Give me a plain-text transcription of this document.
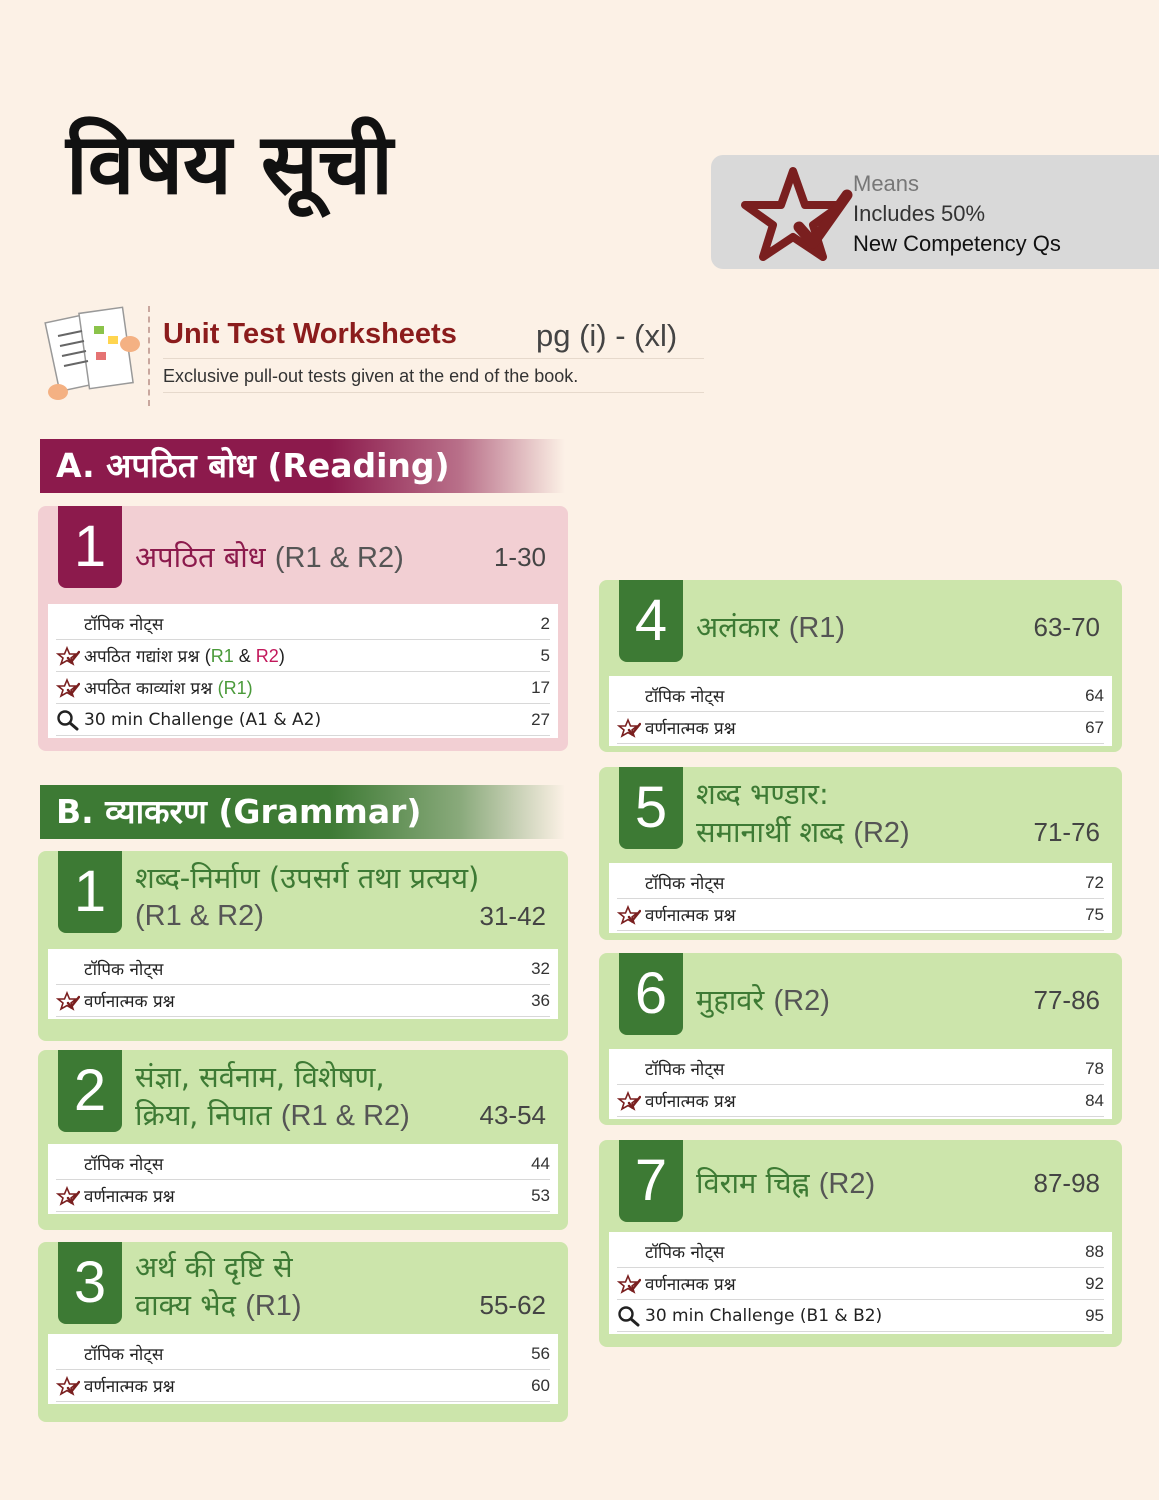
विषय सूची	Means
Includes 50%
New Competency Qs
Unit Test Worksheets	pg (i) - (xl)
Exclusive pull-out tests given at the end of the book.
A. अपठित बोध (Reading)
1 अपठित बोध (R1 & R2)	1-30
टॉपिक नोट्स	2
अपठित गद्यांश प्रश्न (R1 & R2)	5
अपठित काव्यांश प्रश्न (R1)	17
30 min Challenge (A1 & A2)	27
B. व्याकरण (Grammar)
1 शब्द-निर्माण (उपसर्ग तथा प्रत्यय)
(R1 & R2)	31-42
टॉपिक नोट्स	32
वर्णनात्मक प्रश्न	36
2 संज्ञा, सर्वनाम, विशेषण,
क्रिया, निपात (R1 & R2)	43-54
टॉपिक नोट्स	44
वर्णनात्मक प्रश्न	53
3 अर्थ की दृष्टि से
वाक्य भेद (R1)	55-62
टॉपिक नोट्स	56
वर्णनात्मक प्रश्न	60
4 अलंकार (R1)	63-70
टॉपिक नोट्स	64
वर्णनात्मक प्रश्न	67
5 शब्द भण्डार:
समानार्थी शब्द (R2)	71-76
टॉपिक नोट्स	72
वर्णनात्मक प्रश्न	75
6 मुहावरे (R2)	77-86
टॉपिक नोट्स	78
वर्णनात्मक प्रश्न	84
7 विराम चिह्न (R2)	87-98
टॉपिक नोट्स	88
वर्णनात्मक प्रश्न	92
30 min Challenge (B1 & B2)	95
